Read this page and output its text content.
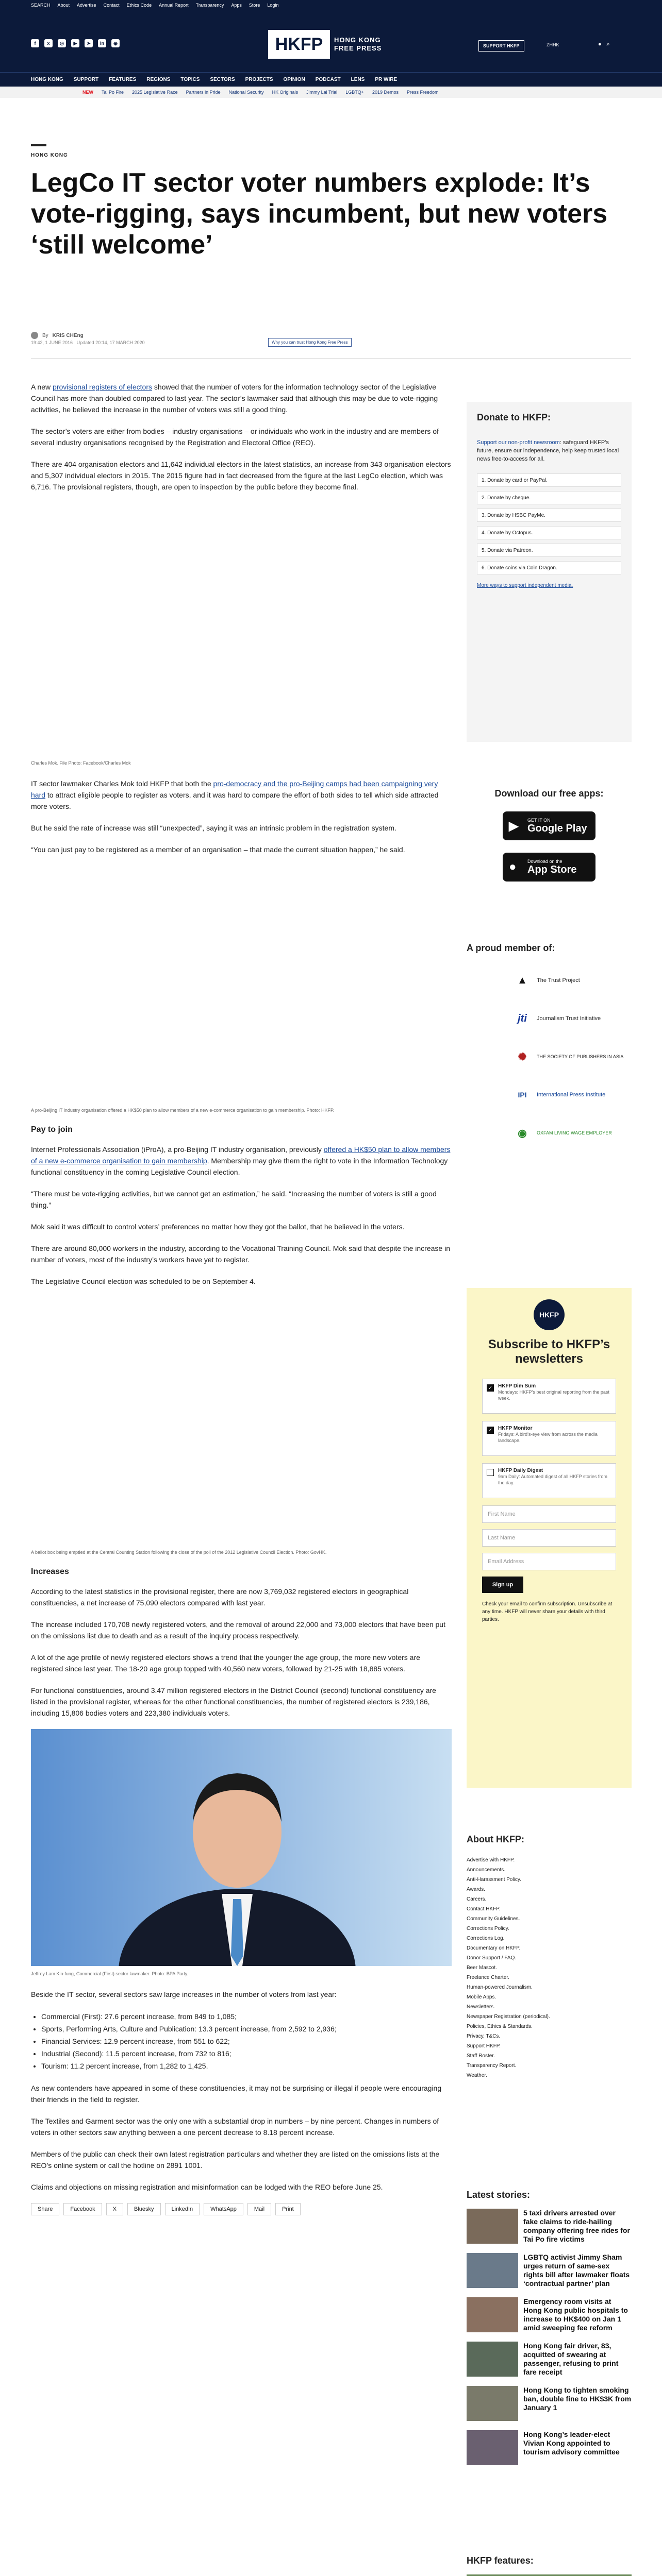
SEARCH About Advertise Contact Ethics Code Annual Report Transparency Apps Store Login
f	x	◎	▶	➤	in	◉	HKFP	HONG KONG
FREE PRESS	SUPPORT HKFP	ZHHK	● ⌕
HONG KONG SUPPORT FEATURES REGIONS TOPICS SECTORS PROJECTS OPINION PODCAST LENS PR WIRE
NEW Tai Po Fire 2025 Legislative Race Partners in Pride National Security HK Originals Jimmy Lai Trial LGBTQ+ 2019 Demos Press Freedom
HONG KONG
LegCo IT sector voter numbers explode: It’s vote-rigging, says incumbent, but new voters ‘still welcome’
By KRIS CHEng
19:42, 1 JUNE 2016 Updated 20:14, 17 MARCH 2020	Why you can trust Hong Kong Free Press

A new provisional registers of electors showed that the number of voters for the information technology sector of the Legislative Council has more than doubled compared to last year. The sector’s lawmaker said that although this may be due to vote-rigging activities, he believed the increase in the number of voters was still a good thing.

The sector’s voters are either from bodies – industry organisations – or individuals who work in the industry and are members of several industry organisations recognised by the Registration and Electoral Office (REO).

There are 404 organisation electors and 11,642 individual electors in the latest statistics, an increase from 343 organisation electors and 5,307 individual electors in 2015. The 2015 figure had in fact decreased from the figure at the last LegCo election, which was 6,716. The provisional registers, though, are open to inspection by the public before they become final.

Charles Mok. File Photo: Facebook/Charles Mok

IT sector lawmaker Charles Mok told HKFP that both the pro-democracy and the pro-Beijing camps had been campaigning very hard to attract eligible people to register as voters, and it was hard to compare the effort of both sides to tell which side attracted more voters.

But he said the rate of increase was still “unexpected”, saying it was an intrinsic problem in the registration system.

“You can just pay to be registered as a member of an organisation – that made the current situation happen,” he said.

A pro-Beijing IT industry organisation offered a HK$50 plan to allow members of a new e-commerce organisation to gain membership. Photo: HKFP.
Pay to join

Internet Professionals Association (iProA), a pro-Beijing IT industry organisation, previously offered a HK$50 plan to allow members of a new e-commerce organisation to gain membership. Membership may give them the right to vote in the Information Technology functional constituency in the coming Legislative Council election.

“There must be vote-rigging activities, but we cannot get an estimation,” he said. “Increasing the number of voters is still a good thing.”

Mok said it was difficult to control voters’ preferences no matter how they got the ballot, that he believed in the voters.

There are around 80,000 workers in the industry, according to the Vocational Training Council. Mok said that despite the increase in number of voters, most of the industry’s workers have yet to register.

The Legislative Council election was scheduled to be on September 4.

A ballot box being emptied at the Central Counting Station following the close of the poll of the 2012 Legislative Council Election. Photo: GovHK.
Increases

According to the latest statistics in the provisional register, there are now 3,769,032 registered electors in geographical constituencies, a net increase of 75,090 electors compared with last year.

The increase included 170,708 newly registered voters, and the removal of around 22,000 and 73,000 electors that have been put on the omissions list due to death and as a result of the inquiry process respectively.

A lot of the age profile of newly registered electors shows a trend that the younger the age group, the more new voters are registered since last year. The 18-20 age group topped with 40,560 new voters, followed by 21-25 with 18,885 voters.

For functional constituencies, around 3.47 million registered electors in the District Council (second) functional constituency are listed in the provisional register, whereas for the other functional constituencies, the number of registered electors is 239,186, including 15,806 bodies voters and 223,380 individuals voters.

Jeffrey Lam Kin-fung, Commercial (First) sector lawmaker. Photo: BPA Party.

Beside the IT sector, several sectors saw large increases in the number of voters from last year:

• Commercial (First): 27.6 percent increase, from 849 to 1,085;
• Sports, Performing Arts, Culture and Publication: 13.3 percent increase, from 2,592 to 2,936;
• Financial Services: 12.9 percent increase, from 551 to 622;
• Industrial (Second): 11.5 percent increase, from 732 to 816;
• Tourism: 11.2 percent increase, from 1,282 to 1,425.

As new contenders have appeared in some of these constituencies, it may not be surprising or illegal if people were encouraging their friends in the field to register.

The Textiles and Garment sector was the only one with a substantial drop in numbers – by nine percent. Changes in numbers of voters in other sectors saw anything between a one percent decrease to 8.18 percent increase.

Members of the public can check their own latest registration particulars and whether they are listed on the omissions lists at the REO’s online system or call the hotline on 2891 1001.

Claims and objections on missing registration and misinformation can be lodged with the REO before June 25.

Share	Facebook	X	Bluesky	LinkedIn	WhatsApp	Mail	Print
Donate to HKFP:
Support our non-profit newsroom: safeguard HKFP’s future, ensure our independence, help keep trusted local news free-to-access for all.
1. Donate by card or PayPal.
2. Donate by cheque.
3. Donate by HSBC PayMe.
4. Donate by Octopus.
5. Donate via Patreon.
6. Donate coins via Coin Dragon.
More ways to support independent media.
Download our free apps:
▶ GET IT ON
Google Play
● Download on the
App Store
A proud member of:
▲	The Trust Project
jti	Journalism Trust Initiative
✺	THE SOCIETY OF PUBLISHERS IN ASIA
IPI	International Press Institute
◉	OXFAM LIVING WAGE EMPLOYER
HKFP
Subscribe to HKFP’s newsletters
✓ HKFP Dim Sum
Mondays: HKFP’s best original reporting from the past week.
✓ HKFP Monitor
Fridays: A bird’s-eye view from across the media landscape.
HKFP Daily Digest
9am Daily: Automated digest of all HKFP stories from the day.
First Name
Last Name
Email Address
Sign up
Check your email to confirm subscription. Unsubscribe at any time. HKFP will never share your details with third parties.
About HKFP:
Advertise with HKFP.
Announcements.
Anti-Harassment Policy.
Awards.
Careers.
Contact HKFP.
Community Guidelines.
Corrections Policy.
Corrections Log.
Documentary on HKFP.
Donor Support / FAQ.
Beer Mascot.
Freelance Charter.
Human-powered Journalism.
Mobile Apps.
Newsletters.
Newspaper Registration (periodical).
Policies, Ethics & Standards.
Privacy, T&Cs.
Support HKFP.
Staff Roster.
Transparency Report.
Weather.
Latest stories:
5 taxi drivers arrested over fake claims to ride-hailing company offering free rides for Tai Po fire victims
LGBTQ activist Jimmy Sham urges return of same-sex rights bill after lawmaker floats ‘contractual partner’ plan
Emergency room visits at Hong Kong public hospitals to increase to HK$400 on Jan 1 amid sweeping fee reform
Hong Kong fair driver, 83, acquitted of swearing at passenger, refusing to print fare receipt
Hong Kong to tighten smoking ban, double fine to HK$3K from January 1
Hong Kong’s leader-elect Vivian Kong appointed to tourism advisory committee
HKFP features:
